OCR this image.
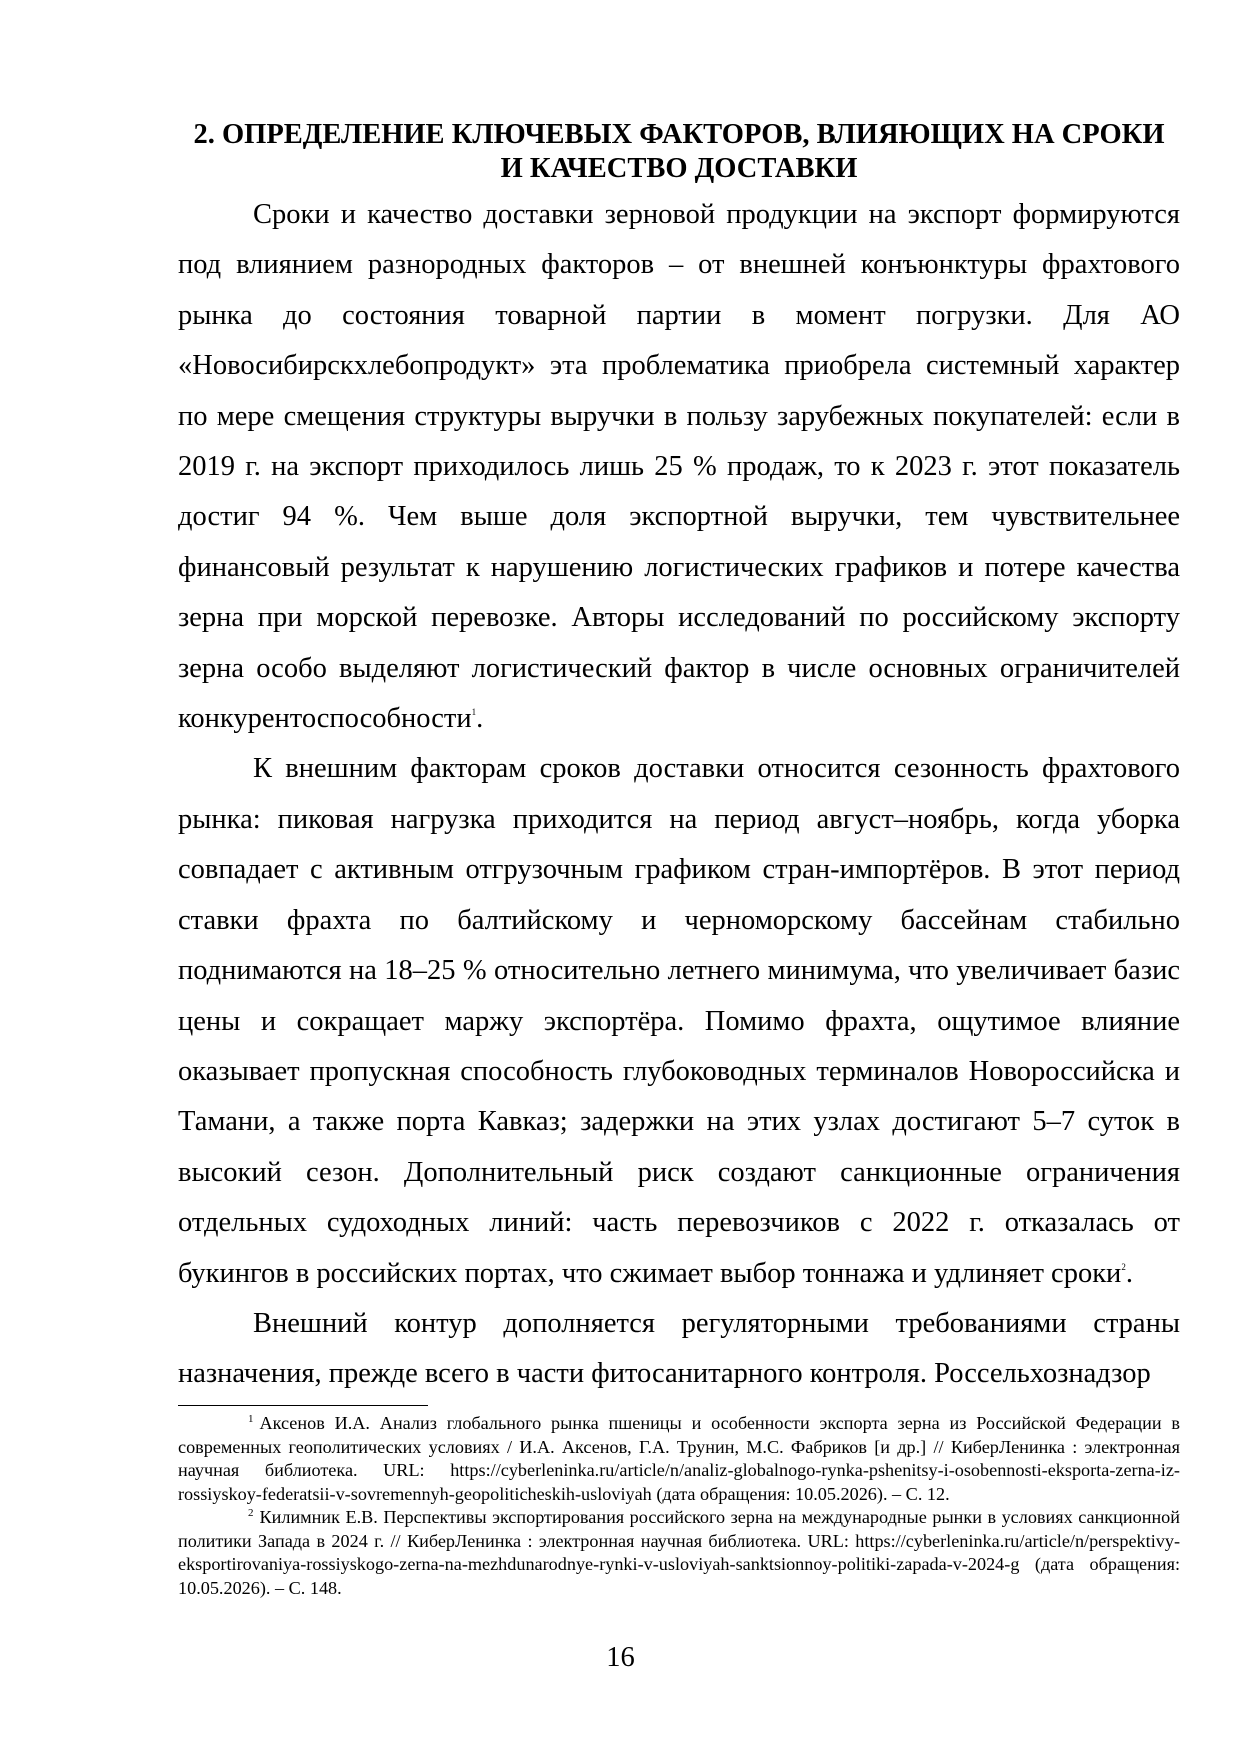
2. ОПРЕДЕЛЕНИЕ КЛЮЧЕВЫХ ФАКТОРОВ, ВЛИЯЮЩИХ НА СРОКИ
И КАЧЕСТВО ДОСТАВКИ

Сроки и качество доставки зерновой продукции на экспорт формируются под влиянием разнородных факторов – от внешней конъюнктуры фрахтового рынка до состояния товарной партии в момент погрузки. Для АО «Новосибирскхлебопродукт» эта проблематика приобрела системный характер по мере смещения структуры выручки в пользу зарубежных покупателей: если в 2019 г. на экспорт приходилось лишь 25 % продаж, то к 2023 г. этот показатель достиг 94 %. Чем выше доля экспортной выручки, тем чувствительнее финансовый результат к нарушению логистических графиков и потере качества зерна при морской перевозке. Авторы исследований по российскому экспорту зерна особо выделяют логистический фактор в числе основных ограничителей конкурентоспособности$^1$.

К внешним факторам сроков доставки относится сезонность фрахтового рынка: пиковая нагрузка приходится на период август–ноябрь, когда уборка совпадает с активным отгрузочным графиком стран-импортёров. В этот период ставки фрахта по балтийскому и черноморскому бассейнам стабильно поднимаются на 18–25 % относительно летнего минимума, что увеличивает базис цены и сокращает маржу экспортёра. Помимо фрахта, ощутимое влияние оказывает пропускная способность глубоководных терминалов Новороссийска и Тамани, а также порта Кавказ; задержки на этих узлах достигают 5–7 суток в высокий сезон. Дополнительный риск создают санкционные ограничения отдельных судоходных линий: часть перевозчиков с 2022 г. отказалась от букингов в российских портах, что сжимает выбор тоннажа и удлиняет сроки$^2$.

Внешний контур дополняется регуляторными требованиями страны назначения, прежде всего в части фитосанитарного контроля. Россельхознадзор

$^1$ Аксенов И.А. Анализ глобального рынка пшеницы и особенности экспорта зерна из Российской Федерации в современных геополитических условиях / И.А. Аксенов, Г.А. Трунин, М.С. Фабриков [и др.] // КиберЛенинка : электронная научная библиотека. URL: https://cyberleninka.ru/article/n/analiz-globalnogo-rynka-pshenitsy-i-osobennosti-eksporta-zerna-iz-rossiyskoy-federatsii-v-sovremennyh-geopoliticheskih-usloviyah (дата обращения: 10.05.2026). – С. 12.

$^2$ Килимник Е.В. Перспективы экспортирования российского зерна на международные рынки в условиях санкционной политики Запада в 2024 г. // КиберЛенинка : электронная научная библиотека. URL: https://cyberleninka.ru/article/n/perspektivy-eksportirovaniya-rossiyskogo-zerna-na-mezhdunarodnye-rynki-v-usloviyah-sanktsionnoy-politiki-zapada-v-2024-g (дата обращения: 10.05.2026). – С. 148.

16
